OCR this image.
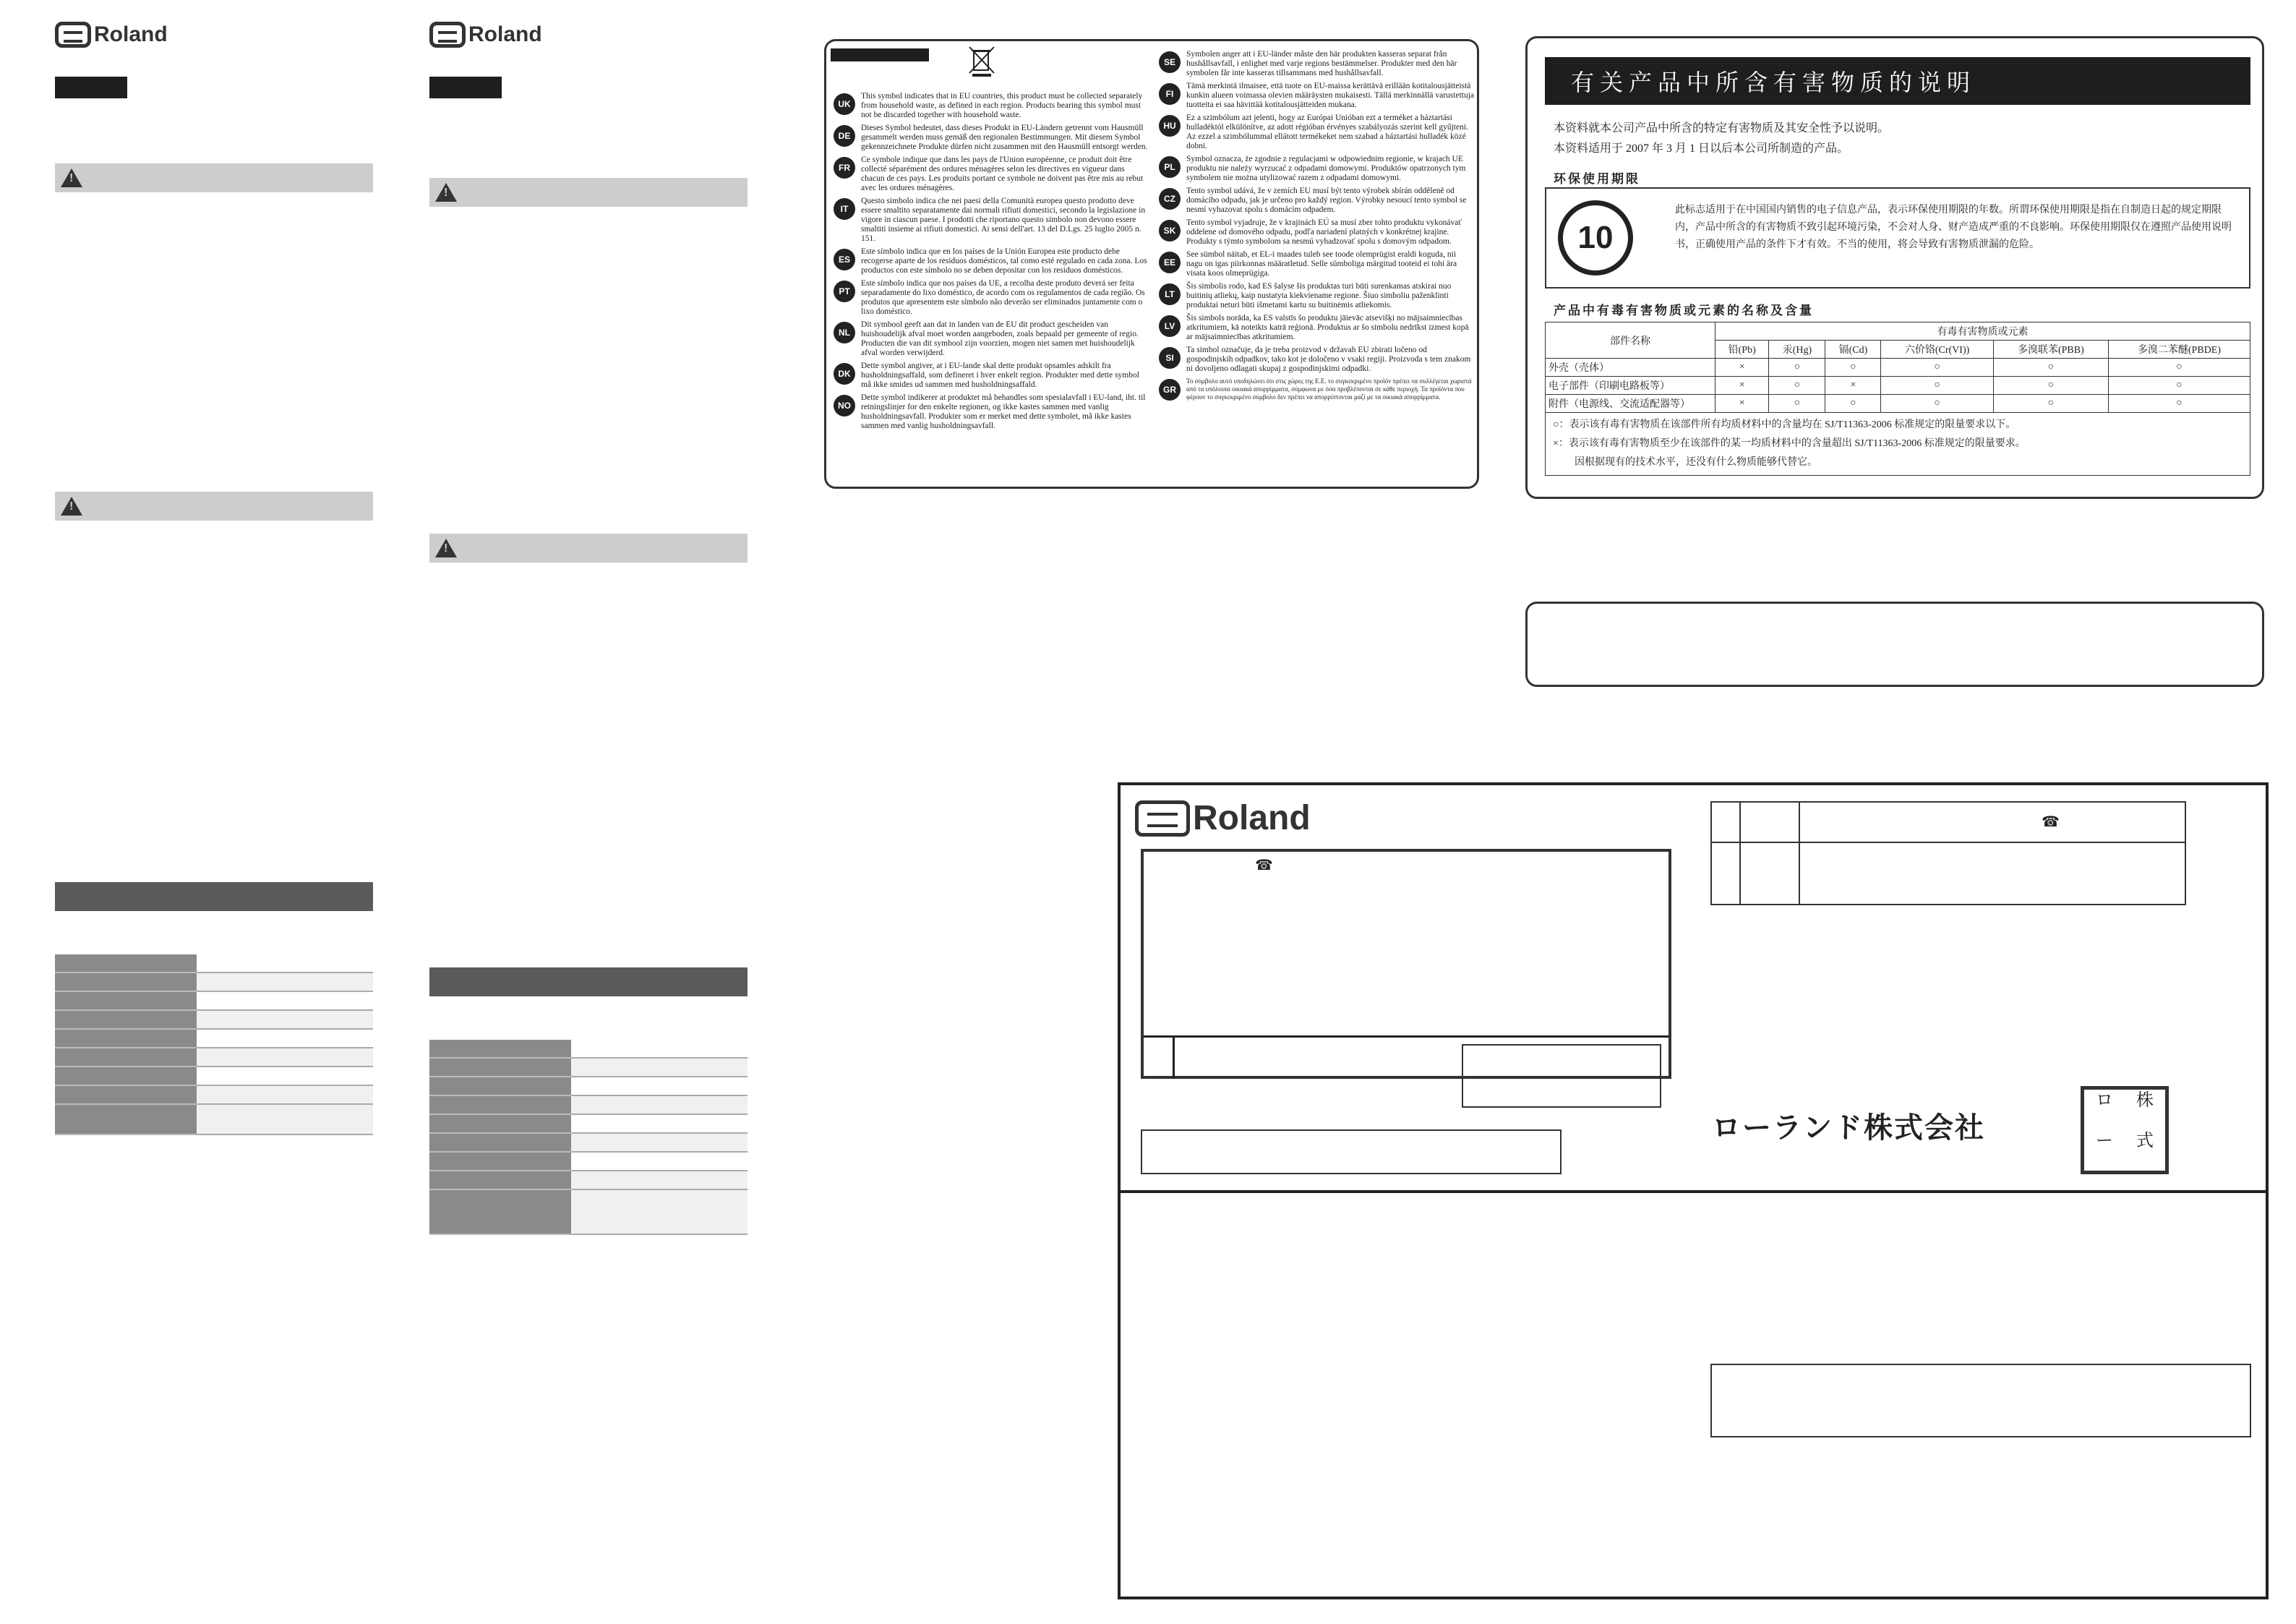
Roland
!
!

		Roland
!
!

UK
This symbol indicates that in EU countries, this product must be collected separately from household waste, as defined in each region. Products bearing this symbol must not be discarded together with household waste.
DE
Dieses Symbol bedeutet, dass dieses Produkt in EU-Ländern getrennt vom Hausmüll gesammelt werden muss gemäß den regionalen Bestimmungen. Mit diesem Symbol gekennzeichnete Produkte dürfen nicht zusammen mit den Hausmüll entsorgt werden.
FR
Ce symbole indique que dans les pays de l'Union européenne, ce produit doit être collecté séparément des ordures ménagères selon les directives en vigueur dans chacun de ces pays. Les produits portant ce symbole ne doivent pas être mis au rebut avec les ordures ménagères.
IT
Questo simbolo indica che nei paesi della Comunità europea questo prodotto deve essere smaltito separatamente dai normali rifiuti domestici, secondo la legislazione in vigore in ciascun paese. I prodotti che riportano questo simbolo non devono essere smaltiti insieme ai rifiuti domestici. Ai sensi dell'art. 13 del D.Lgs. 25 luglio 2005 n. 151.
ES
Este símbolo indica que en los países de la Unión Europea este producto debe recogerse aparte de los residuos domésticos, tal como esté regulado en cada zona. Los productos con este símbolo no se deben depositar con los residuos domésticos.
PT
Este símbolo indica que nos países da UE, a recolha deste produto deverá ser feita separadamente do lixo doméstico, de acordo com os regulamentos de cada região. Os produtos que apresentem este símbolo não deverão ser eliminados juntamente com o lixo doméstico.
NL
Dit symbool geeft aan dat in landen van de EU dit product gescheiden van huishoudelijk afval moet worden aangeboden, zoals bepaald per gemeente of regio. Producten die van dit symbool zijn voorzien, mogen niet samen met huishoudelijk afval worden verwijderd.
DK
Dette symbol angiver, at i EU-lande skal dette produkt opsamles adskilt fra husholdningsaffald, som defineret i hver enkelt region. Produkter med dette symbol må ikke smides ud sammen med husholdningsaffald.
NO
Dette symbol indikerer at produktet må behandles som spesialavfall i EU-land, iht. til retningslinjer for den enkelte regionen, og ikke kastes sammen med vanlig husholdningsavfall. Produkter som er merket med dette symbolet, må ikke kastes sammen med vanlig husholdningsavfall.
SE
Symbolen anger att i EU-länder måste den här produkten kasseras separat från hushållsavfall, i enlighet med varje regions bestämmelser. Produkter med den här symbolen får inte kasseras tillsammans med hushållsavfall.
FI
Tämä merkintä ilmaisee, että tuote on EU-maissa kerättävä erillään kotitalousjätteistä kunkin alueen voimassa olevien määräysten mukaisesti. Tällä merkinnällä varustettuja tuotteita ei saa hävittää kotitalousjätteiden mukana.
HU
Ez a szimbólum azt jelenti, hogy az Európai Unióban ezt a terméket a háztartási hulladéktól elkülönítve, az adott régióban érvényes szabályozás szerint kell gyűjteni. Az ezzel a szimbólummal ellátott termékeket nem szabad a háztartási hulladék közé dobni.
PL
Symbol oznacza, że zgodnie z regulacjami w odpowiednim regionie, w krajach UE produktu nie należy wyrzucać z odpadami domowymi. Produktów opatrzonych tym symbolem nie można utylizować razem z odpadami domowymi.
CZ
Tento symbol udává, že v zemích EU musí být tento výrobek sbírán odděleně od domácího odpadu, jak je určeno pro každý region. Výrobky nesoucí tento symbol se nesmí vyhazovat spolu s domácím odpadem.
SK
Tento symbol vyjadruje, že v krajinách EÚ sa musí zber tohto produktu vykonávať oddelene od domového odpadu, podľa nariadení platných v konkrétnej krajine. Produkty s týmto symbolom sa nesmú vyhadzovať spolu s domovým odpadom.
EE
See sümbol näitab, et EL-i maades tuleb see toode olemprügist eraldi koguda, nii nagu on igas piirkonnas määratletud. Selle sümboliga märgitud tooteid ei tohi ära visata koos olmeprügiga.
LT
Šis simbolis rodo, kad ES šalyse šis produktas turi būti surenkamas atskirai nuo buitinių atliekų, kaip nustatyta kiekviename regione. Šiuo simboliu paženklinti produktai neturi būti išmetami kartu su buitinėmis atliekomis.
LV
Šis simbols norāda, ka ES valstīs šo produktu jāievāc atsevišķi no mājsaimniecības atkritumiem, kā noteikts katrā reģionā. Produktus ar šo simbolu nedrīkst izmest kopā ar mājsaimniecības atkritumiem.
SI
Ta simbol označuje, da je treba proizvod v državah EU zbirati ločeno od gospodinjskih odpadkov, tako kot je določeno v vsaki regiji. Proizvoda s tem znakom ni dovoljeno odlagati skupaj z gospodinjskimi odpadki.
GR
Το σύμβολο αυτό υποδηλώνει ότι στις χώρες της Ε.Ε. το συγκεκριμένο προϊόν πρέπει να συλλέγεται χωριστά από τα υπόλοιπα οικιακά απορρίμματα, σύμφωνα με όσα προβλέπονται σε κάθε περιοχή. Τα προϊόντα που φέρουν το συγκεκριμένο σύμβολο δεν πρέπει να απορρίπτονται μαζί με τα οικιακά απορρίμματα.
有关产品中所含有害物质的说明
本资料就本公司产品中所含的特定有害物质及其安全性予以说明。
本资料适用于 2007 年 3 月 1 日以后本公司所制造的产品。
环保使用期限
10
此标志适用于在中国国内销售的电子信息产品，表示环保使用期限的年数。所谓环保使用期限是指在自制造日起的规定期限内，产品中所含的有害物质不致引起环境污染，不会对人身、财产造成严重的不良影响。环保使用期限仅在遵照产品使用说明书，正确使用产品的条件下才有效。不当的使用，将会导致有害物质泄漏的危险。
产品中有毒有害物质或元素的名称及含量
部件名称	有毒有害物质或元素					
	铅(Pb)	汞(Hg)	镉(Cd)	六价铬(Cr(VI))	多溴联苯(PBB)	多溴二苯醚(PBDE)
外壳（壳体）	×	○	○	○	○	○
电子部件（印刷电路板等）	×	○	×	○	○	○
附件（电源线、交流适配器等）	×	○	○	○	○	○

○：表示该有毒有害物质在该部件所有均质材料中的含量均在 SJ/T11363-2006 标准规定的限量要求以下。
×：表示该有毒有害物质至少在该部件的某一均质材料中的含量超出 SJ/T11363-2006 标准规定的限量要求。
因根据现有的技术水平，还没有什么物质能够代替它。						
Roland
☎
☎
ローランド株式会社
ロ	株
ー	式
